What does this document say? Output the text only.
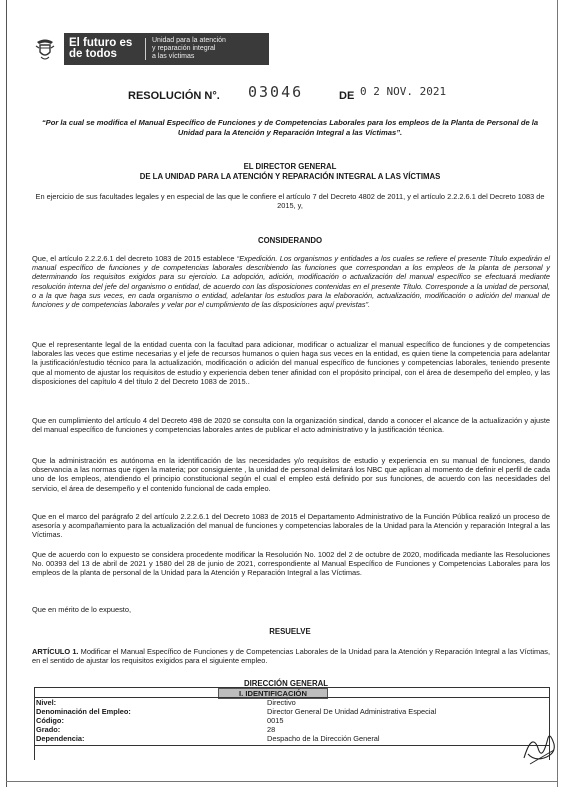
El futuro es de todos
Unidad para la atención
y reparación integral
a las víctimas
RESOLUCIÓN N°. 03046	DE 0 2 NOV. 2021
“Por la cual se modifica el Manual Específico de Funciones y de Competencias Laborales para los empleos de la Planta de Personal de la Unidad para la Atención y Reparación Integral a las Víctimas”.
EL DIRECTOR GENERAL
DE LA UNIDAD PARA LA ATENCIÓN Y REPARACIÓN INTEGRAL A LAS VÍCTIMAS
En ejercicio de sus facultades legales y en especial de las que le confiere el artículo 7 del Decreto 4802 de 2011, y el artículo 2.2.2.6.1 del Decreto 1083 de 2015, y,
CONSIDERANDO
Que, el artículo 2.2.2.6.1 del decreto 1083 de 2015 establece “Expedición. Los organismos y entidades a los cuales se refiere el presente Título expedirán el manual específico de funciones y de competencias laborales describiendo las funciones que correspondan a los empleos de la planta de personal y determinando los requisitos exigidos para su ejercicio. La adopción, adición, modificación o actualización del manual específico se efectuará mediante resolución interna del jefe del organismo o entidad, de acuerdo con las disposiciones contenidas en el presente Título. Corresponde a la unidad de personal, o a la que haga sus veces, en cada organismo o entidad, adelantar los estudios para la elaboración, actualización, modificación o adición del manual de funciones y de competencias laborales y velar por el cumplimiento de las disposiciones aquí previstas”.
Que el representante legal de la entidad cuenta con la facultad para adicionar, modificar o actualizar el manual específico de funciones y de competencias laborales las veces que estime necesarias y el jefe de recursos humanos o quien haga sus veces en la entidad, es quien tiene la competencia para adelantar la justificación/estudio técnico para la actualización, modificación o adición del manual específico de funciones y competencias laborales, teniendo presente que al momento de ajustar los requisitos de estudio y experiencia deben tener afinidad con el propósito principal, con el área de desempeño del empleo, y las disposiciones del capítulo 4 del título 2 del Decreto 1083 de 2015..
Que en cumplimiento del artículo 4 del Decreto 498 de 2020 se consulta con la organización sindical, dando a conocer el alcance de la actualización y ajuste del manual específico de funciones y competencias laborales antes de publicar el acto administrativo y la justificación técnica.
Que la administración es autónoma en la identificación de las necesidades y/o requisitos de estudio y experiencia en su manual de funciones, dando observancia a las normas que rigen la materia; por consiguiente , la unidad de personal delimitará los NBC que aplican al momento de definir el perfil de cada uno de los empleos, atendiendo el principio constitucional según el cual el empleo está definido por sus funciones, de acuerdo con las necesidades del servicio, el área de desempeño y el contenido funcional de cada empleo.
Que en el marco del parágrafo 2 del artículo 2.2.2.6.1 del Decreto 1083 de 2015 el Departamento Administrativo de la Función Pública realizó un proceso de asesoría y acompañamiento para la actualización del manual de funciones y competencias laborales de la Unidad para la Atención y reparación Integral a las Víctimas.
Que de acuerdo con lo expuesto se considera procedente modificar la Resolución No. 1002 del 2 de octubre de 2020, modificada mediante las Resoluciones No. 00393 del 13 de abril de 2021 y 1580 del 28 de junio de 2021, correspondiente al Manual Específico de Funciones y Competencias Laborales para los empleos de la planta de personal de la Unidad para la Atención y Reparación Integral a las Víctimas.
Que en mérito de lo expuesto,
RESUELVE
ARTÍCULO 1. Modificar el Manual Específico de Funciones y de Competencias Laborales de la Unidad para la Atención y Reparación Integral a las Víctimas, en el sentido de ajustar los requisitos exigidos para el siguiente empleo.
DIRECCIÓN GENERAL
I. IDENTIFICACIÓN
Nivel:	Directivo
Denominación del Empleo:	Director General De Unidad Administrativa Especial
Código:	0015
Grado:	28
Dependencia:	Despacho de la Dirección General
